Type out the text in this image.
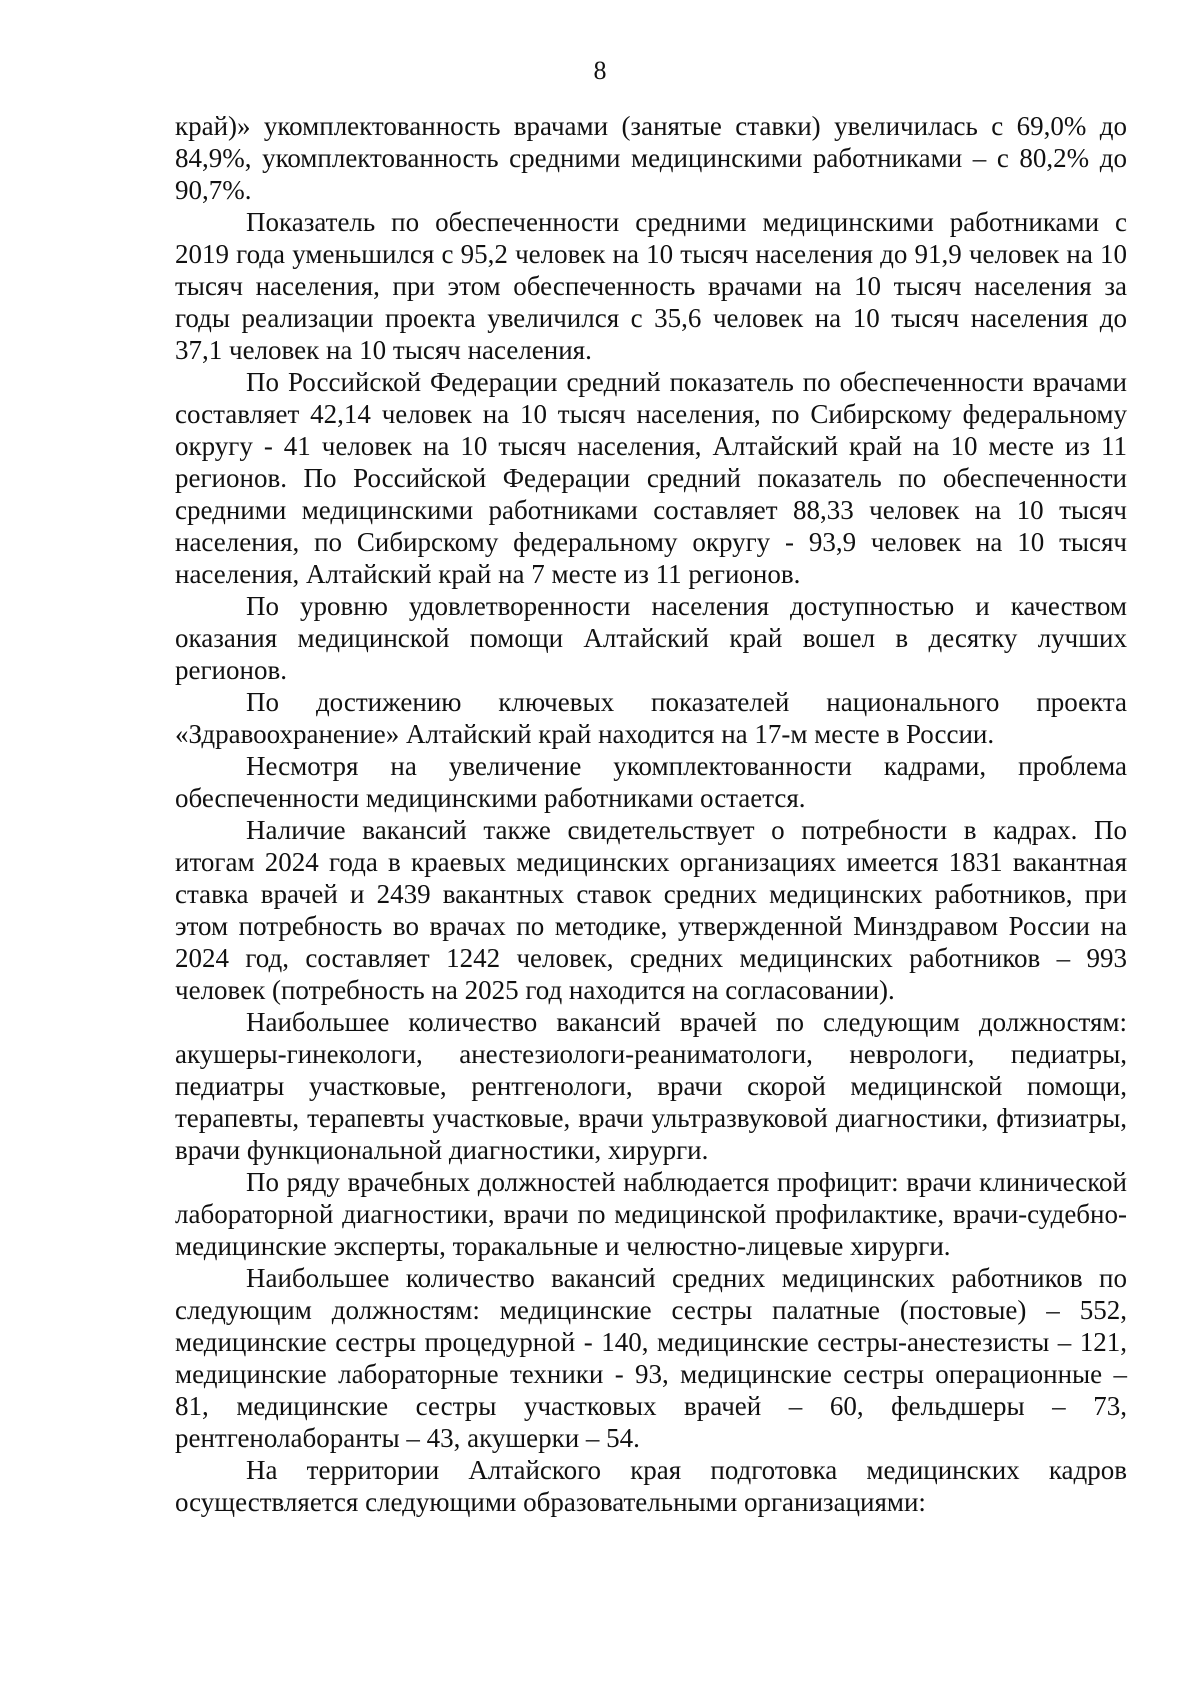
8

край)» укомплектованность врачами (занятые ставки) увеличилась с 69,0% до 84,9%, укомплектованность средними медицинскими работниками – с 80,2% до 90,7%.

Показатель по обеспеченности средними медицинскими работниками с 2019 года уменьшился с 95,2 человек на 10 тысяч населения до 91,9 человек на 10 тысяч населения, при этом обеспеченность врачами на 10 тысяч населения за годы реализации проекта увеличился с 35,6 человек на 10 тысяч населения до 37,1 человек на 10 тысяч населения.

По Российской Федерации средний показатель по обеспеченности врачами составляет 42,14 человек на 10 тысяч населения, по Сибирскому федеральному округу - 41 человек на 10 тысяч населения, Алтайский край на 10 месте из 11 регионов. По Российской Федерации средний показатель по обеспеченности средними медицинскими работниками составляет 88,33 человек на 10 тысяч населения, по Сибирскому федеральному округу - 93,9 человек на 10 тысяч населения, Алтайский край на 7 месте из 11 регионов.

По уровню удовлетворенности населения доступностью и качеством оказания медицинской помощи Алтайский край вошел в десятку лучших регионов.

По достижению ключевых показателей национального проекта «Здравоохранение» Алтайский край находится на 17-м месте в России.

Несмотря на увеличение укомплектованности кадрами, проблема обеспеченности медицинскими работниками остается.

Наличие вакансий также свидетельствует о потребности в кадрах. По итогам 2024 года в краевых медицинских организациях имеется 1831 вакантная ставка врачей и 2439 вакантных ставок средних медицинских работников, при этом потребность во врачах по методике, утвержденной Минздравом России на 2024 год, составляет 1242 человек, средних медицинских работников – 993 человек (потребность на 2025 год находится на согласовании).

Наибольшее количество вакансий врачей по следующим должностям: акушеры-гинекологи, анестезиологи-реаниматологи, неврологи, педиатры, педиатры участковые, рентгенологи, врачи скорой медицинской помощи, терапевты, терапевты участковые, врачи ультразвуковой диагностики, фтизиатры, врачи функциональной диагностики, хирурги.

По ряду врачебных должностей наблюдается профицит: врачи клинической лабораторной диагностики, врачи по медицинской профилактике, врачи-судебно-медицинские эксперты, торакальные и челюстно-лицевые хирурги.

Наибольшее количество вакансий средних медицинских работников по следующим должностям: медицинские сестры палатные (постовые) – 552, медицинские сестры процедурной - 140, медицинские сестры-анестезисты – 121, медицинские лабораторные техники - 93, медицинские сестры операционные – 81, медицинские сестры участковых врачей – 60, фельдшеры – 73, рентгенолаборанты – 43, акушерки – 54.

На территории Алтайского края подготовка медицинских кадров осуществляется следующими образовательными организациями:
